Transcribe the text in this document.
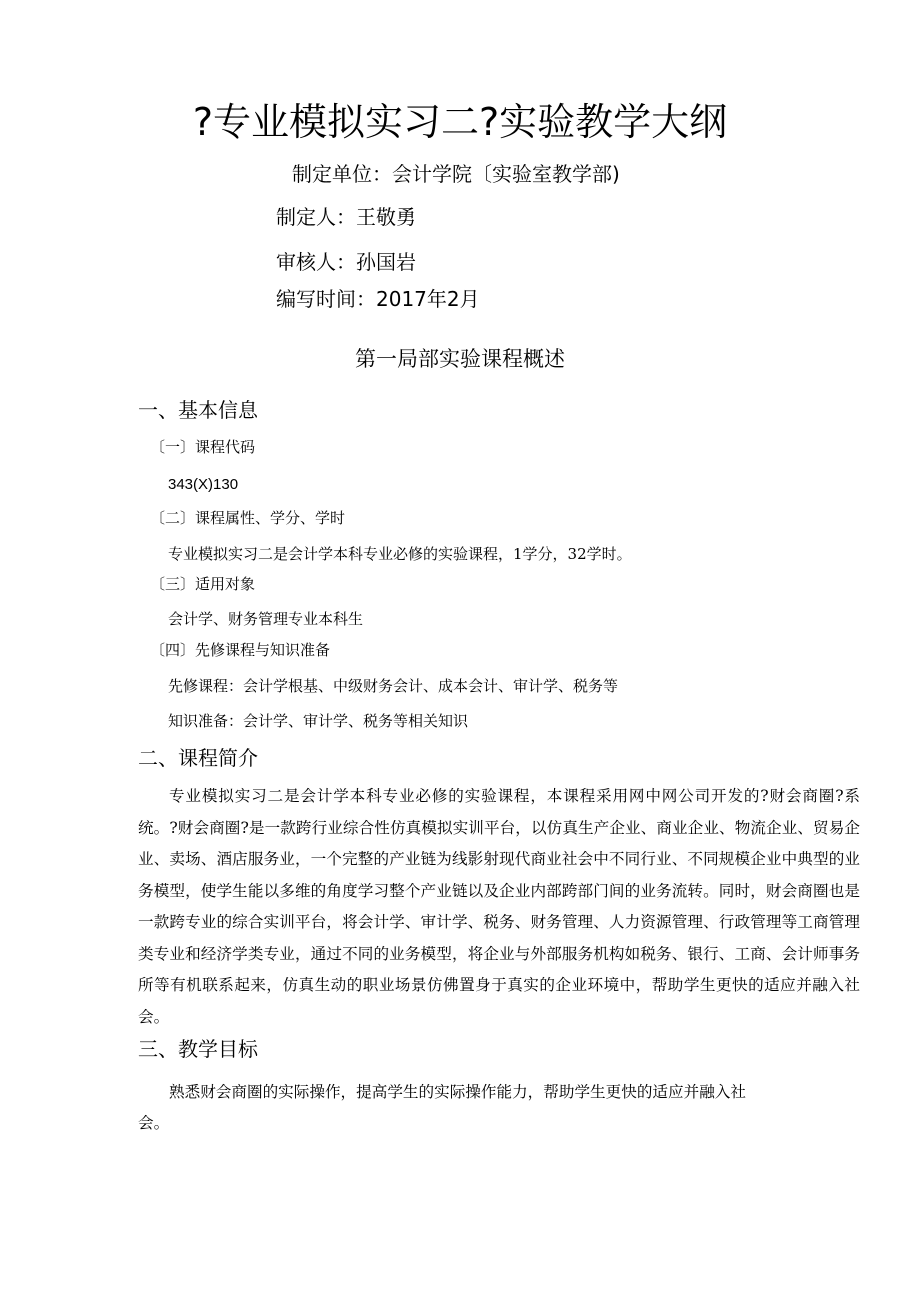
?专业模拟实习二?实验教学大纲
制定单位：会计学院〔实验室教学部)
制定人：王敬勇
审核人：孙国岩
编写时间：2017年2月
第一局部实验课程概述
一、基本信息
〔一〕课程代码
343(X)130
〔二〕课程属性、学分、学时
专业模拟实习二是会计学本科专业必修的实验课程，1学分，32学时。
〔三〕适用对象
会计学、财务管理专业本科生
〔四〕先修课程与知识准备
先修课程：会计学根基、中级财务会计、成本会计、审计学、税务等
知识准备：会计学、审计学、税务等相关知识
二、课程简介

专业模拟实习二是会计学本科专业必修的实验课程，本课程采用网中网公司开发的?财会商圈?系统。?财会商圈?是一款跨行业综合性仿真模拟实训平台，以仿真生产企业、商业企业、物流企业、贸易企业、卖场、酒店服务业，一个完整的产业链为线影射现代商业社会中不同行业、不同规模企业中典型的业务模型，使学生能以多维的角度学习整个产业链以及企业内部跨部门间的业务流转。同时，财会商圈也是一款跨专业的综合实训平台，将会计学、审计学、税务、财务管理、人力资源管理、行政管理等工商管理类专业和经济学类专业，通过不同的业务模型，将企业与外部服务机构如税务、银行、工商、会计师事务所等有机联系起来，仿真生动的职业场景仿佛置身于真实的企业环境中，帮助学生更快的适应并融入社会。

三、教学目标

熟悉财会商圈的实际操作，提高学生的实际操作能力，帮助学生更快的适应并融入社会。
